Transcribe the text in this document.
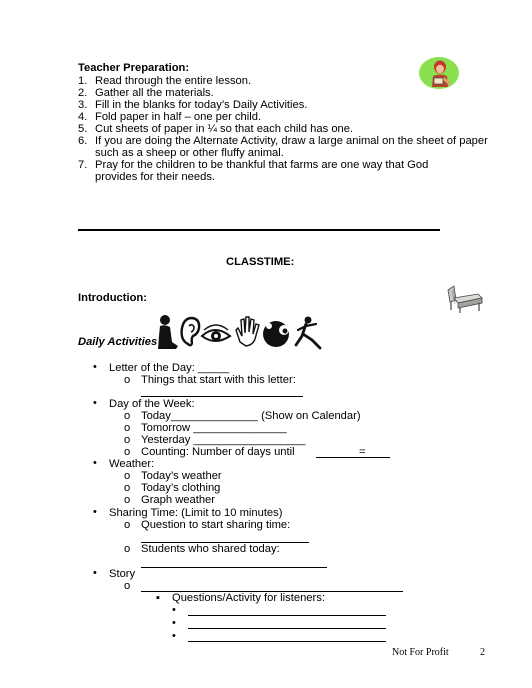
Teacher Preparation:
1. Read through the entire lesson.
2. Gather all the materials.
3. Fill in the blanks for today’s Daily Activities.
4. Fold paper in half – one per child.
5. Cut sheets of paper in ¼ so that each child has one.
6. If you are doing the Alternate Activity, draw a large animal on the sheet of paper
such as a sheep or other fluffy animal.
7. Pray for the children to be thankful that farms are one way that God
provides for their needs.
CLASSTIME:
Introduction:
Daily Activities
• Letter of the Day: _____
o Things that start with this letter:
• Day of the Week:
o Today______________ (Show on Calendar)
o Tomorrow _______________
o Yesterday __________________
o Counting: Number of days until	=
• Weather:
o Today’s weather
o Today’s clothing
o Graph weather
• Sharing Time: (Limit to 10 minutes)
o Question to start sharing time:
o Students who shared today:
• Story
o
▪ Questions/Activity for listeners:
•
•
•
Not For Profit	2
